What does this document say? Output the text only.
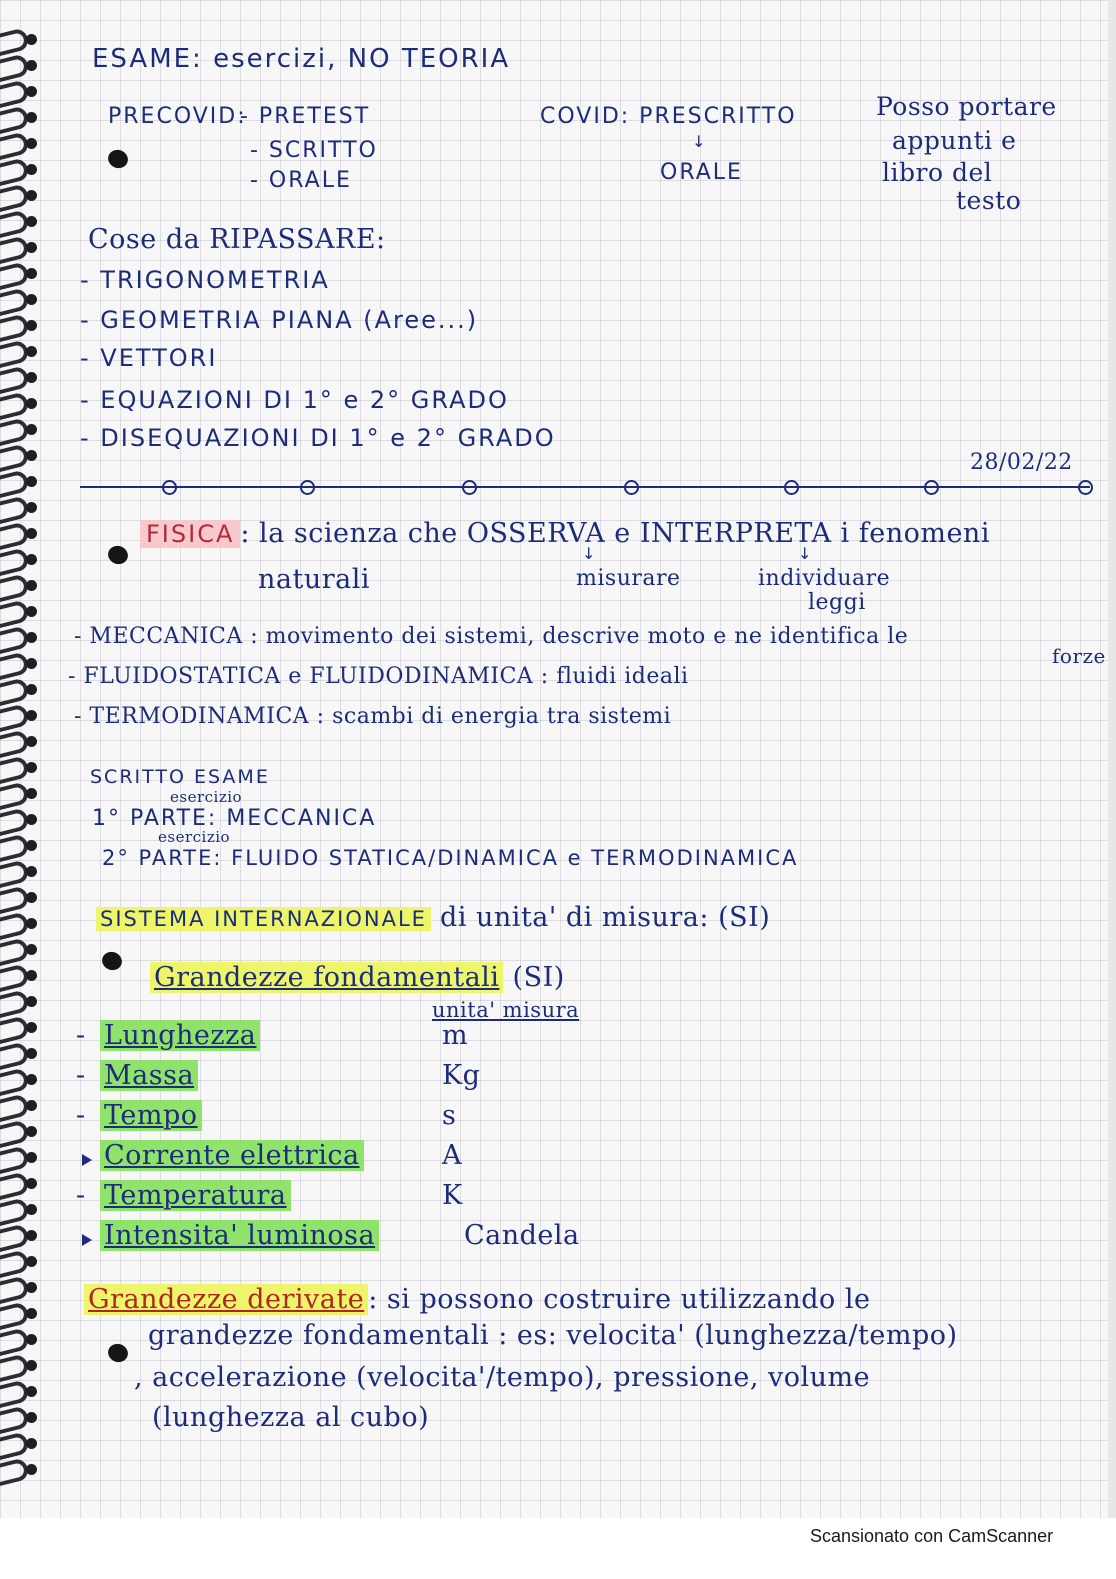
ESAME: esercizi, NO TEORIA
PRECOVID:
- PRETEST
- SCRITTO
- ORALE
COVID: PRESCRITTO
↓
ORALE
Posso portare
appunti e
libro del
testo
Cose da RIPASSARE:
- TRIGONOMETRIA
- GEOMETRIA PIANA (Aree...)
- VETTORI
- EQUAZIONI DI 1° e 2° GRADO
- DISEQUAZIONI DI 1° e 2° GRADO
28/02/22
FISICA : la scienza che OSSERVA e INTERPRETA i fenomeni
naturali
↓
misurare
↓
individuare
leggi
- MECCANICA : movimento dei sistemi, descrive moto e ne identifica le
forze
- FLUIDOSTATICA e FLUIDODINAMICA : fluidi ideali
- TERMODINAMICA : scambi di energia tra sistemi
SCRITTO ESAME
esercizio
1° PARTE: MECCANICA
esercizio
2° PARTE: FLUIDO STATICA/DINAMICA e TERMODINAMICA
SISTEMA INTERNAZIONALE di unita' di misura: (SI)
Grandezze fondamentali (SI)
unita' misura
- Lunghezza	m
- Massa	Kg
- Tempo	s
Corrente elettrica	A
- Temperatura	K
Intensita' luminosa	Candela
Grandezze derivate : si possono costruire utilizzando le
grandezze fondamentali : es: velocita' (lunghezza/tempo)
, accelerazione (velocita'/tempo), pressione, volume
(lunghezza al cubo)
Scansionato con CamScanner
